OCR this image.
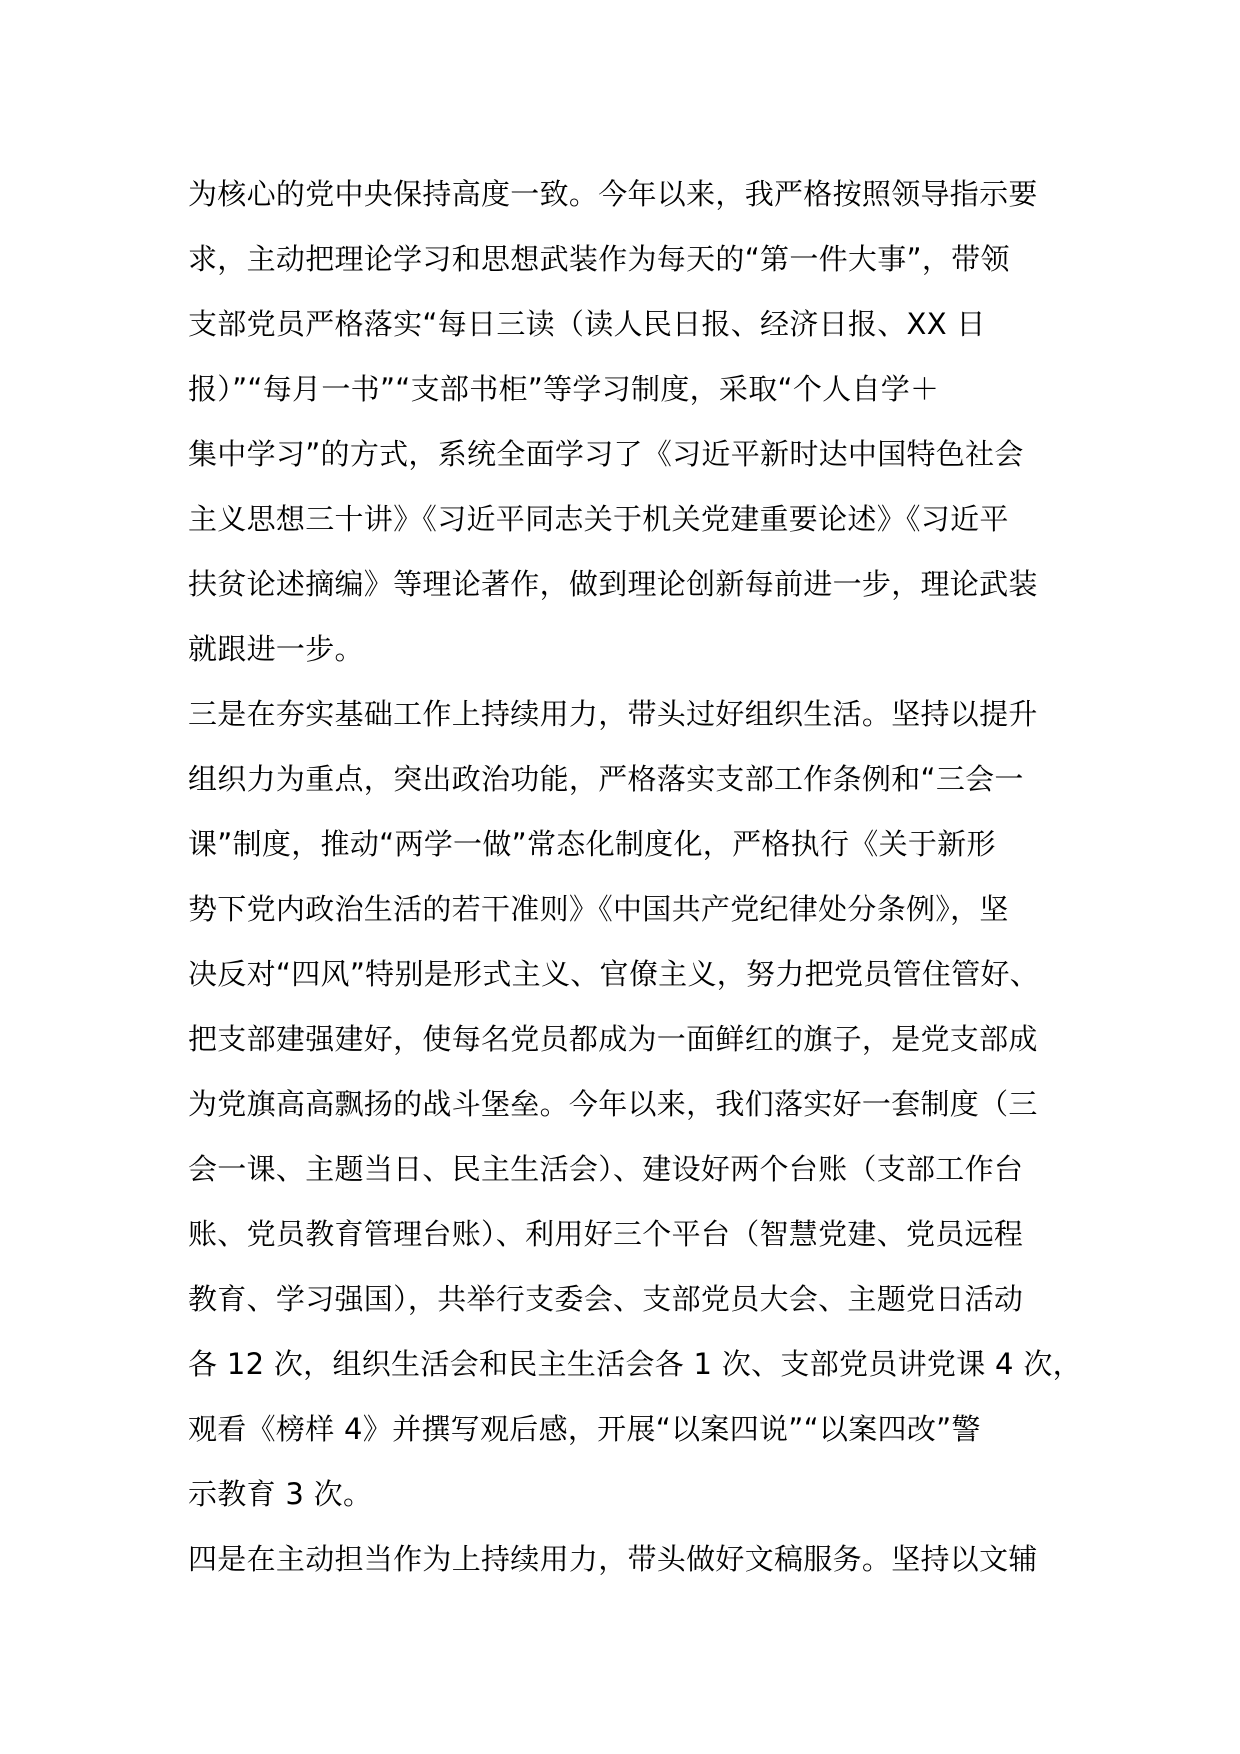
为核心的党中央保持高度一致。今年以来，我严格按照领导指示要
求，主动把理论学习和思想武装作为每天的“第一件大事”，带领
支部党员严格落实“每日三读（读人民日报、经济日报、XX 日
报）”“每月一书”“支部书柜”等学习制度，采取“个人自学＋
集中学习”的方式，系统全面学习了《习近平新时达中国特色社会
主义思想三十讲》《习近平同志关于机关党建重要论述》《习近平
扶贫论述摘编》等理论著作，做到理论创新每前进一步，理论武装
就跟进一步。
三是在夯实基础工作上持续用力，带头过好组织生活。坚持以提升
组织力为重点，突出政治功能，严格落实支部工作条例和“三会一
课”制度，推动“两学一做”常态化制度化，严格执行《关于新形
势下党内政治生活的若干准则》《中国共产党纪律处分条例》，坚
决反对“四风”特别是形式主义、官僚主义，努力把党员管住管好、
把支部建强建好，使每名党员都成为一面鲜红的旗子，是党支部成
为党旗高高飘扬的战斗堡垒。今年以来，我们落实好一套制度（三
会一课、主题当日、民主生活会）、建设好两个台账（支部工作台
账、党员教育管理台账）、利用好三个平台（智慧党建、党员远程
教育、学习强国），共举行支委会、支部党员大会、主题党日活动
各 12 次，组织生活会和民主生活会各 1 次、支部党员讲党课 4 次，
观看《榜样 4》并撰写观后感，开展“以案四说”“以案四改”警
示教育 3 次。
四是在主动担当作为上持续用力，带头做好文稿服务。坚持以文辅
